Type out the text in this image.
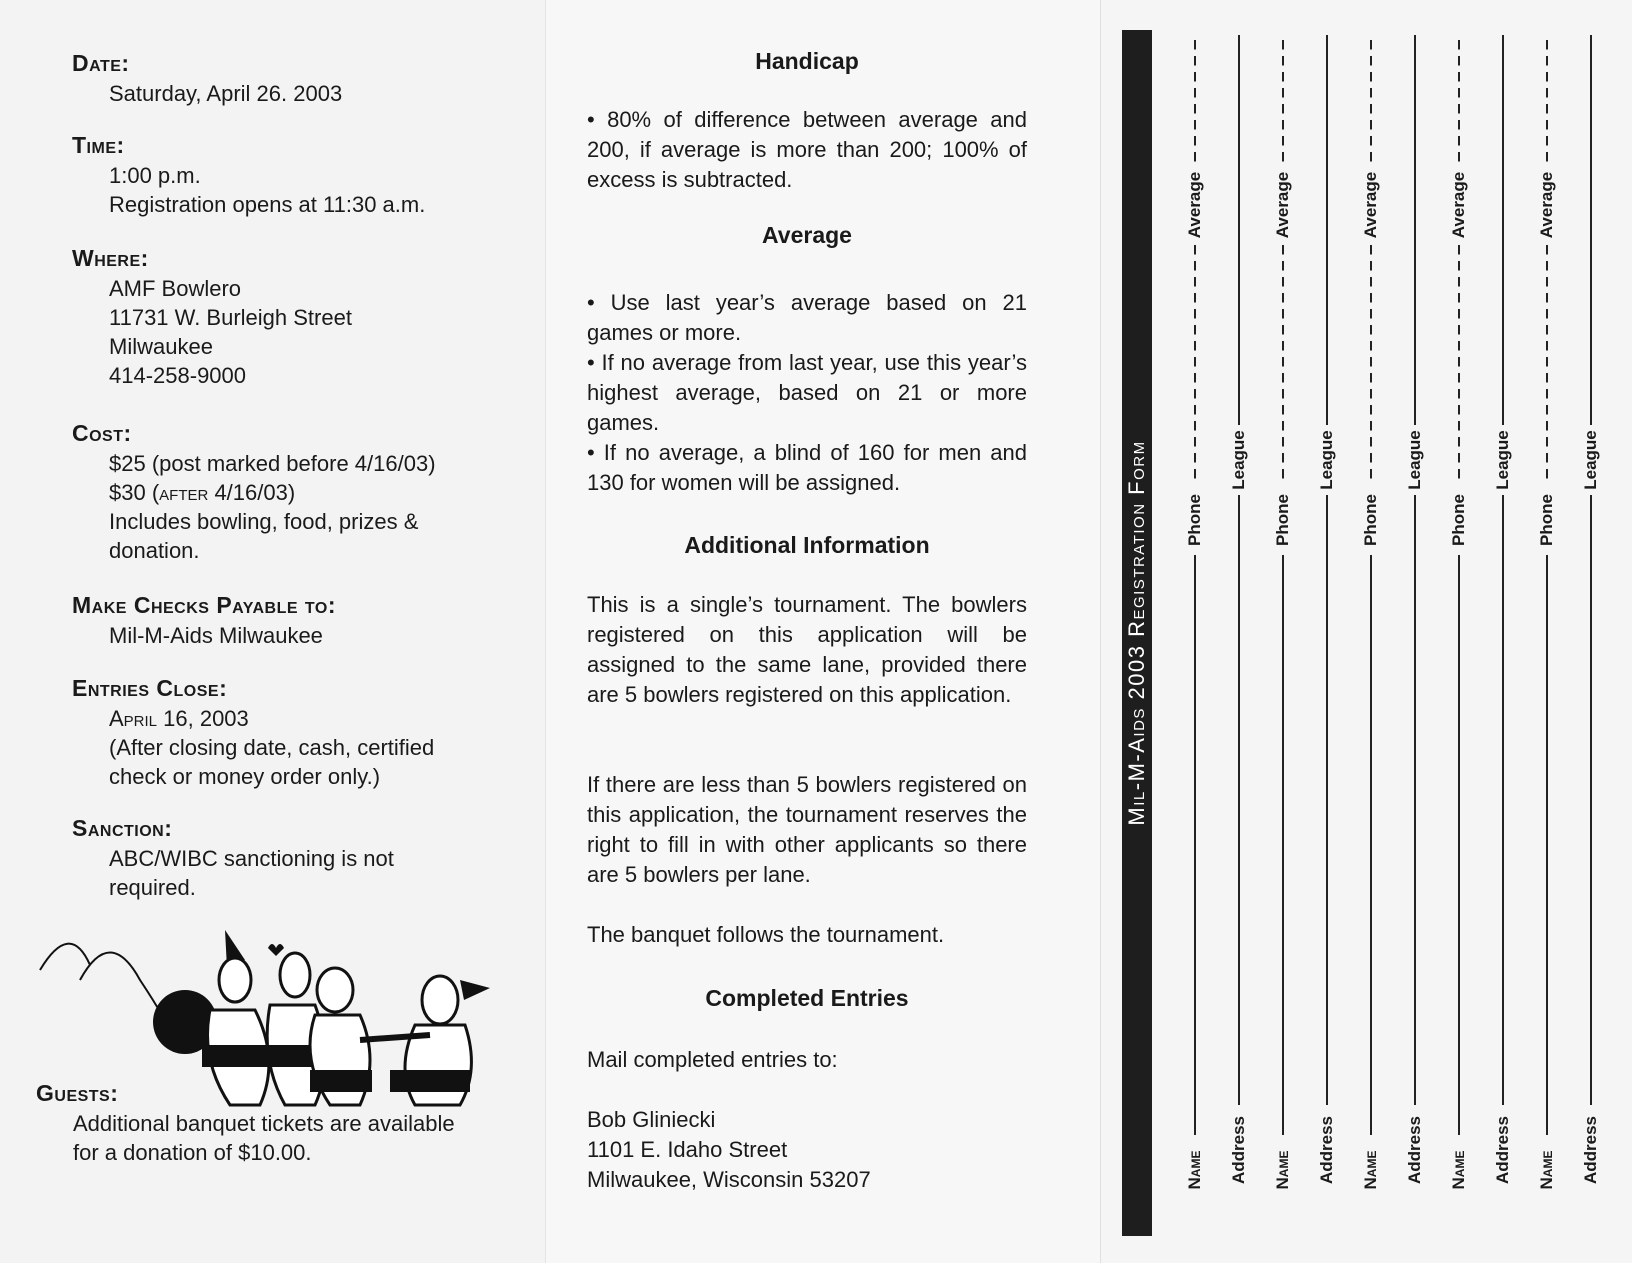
Date:
Saturday, April 26. 2003
Time:
1:00 p.m.
Registration opens at 11:30 a.m.
Where:
AMF Bowlero
11731 W. Burleigh Street
Milwaukee
414-258-9000
Cost:
$25 (post marked before 4/16/03)
$30 (after 4/16/03)
Includes bowling, food, prizes &
donation.
Make Checks Payable to:
Mil-M-Aids Milwaukee
Entries Close:
April 16, 2003
(After closing date, cash, certified
check or money order only.)
Sanction:
ABC/WIBC sanctioning is not
required.
Guests:
Additional banquet tickets are available
for a donation of $10.00.
Handicap
• 80% of difference between average and 200, if average is more than 200; 100% of excess is subtracted.
Average
• Use last year’s average based on 21 games or more.
• If no average from last year, use this year’s highest average, based on 21 or more games.
• If no average, a blind of 160 for men and 130 for women will be assigned.
Additional Information
This is a single’s tournament. The bowlers registered on this application will be assigned to the same lane, provided there are 5 bowlers registered on this application.
If there are less than 5 bowlers registered on this application, the tournament reserves the right to fill in with other applicants so there are 5 bowlers per lane.
The banquet follows the tournament.
Completed Entries
Mail completed entries to:
Bob Gliniecki
1101 E. Idaho Street
Milwaukee, Wisconsin 53207
Mil-M-Aids 2003 Registration Form
Average
Phone
Name
League
Address
Average
Phone
Name
League
Address
Average
Phone
Name
League
Address
Average
Phone
Name
League
Address
Average
Phone
Name
League
Address
